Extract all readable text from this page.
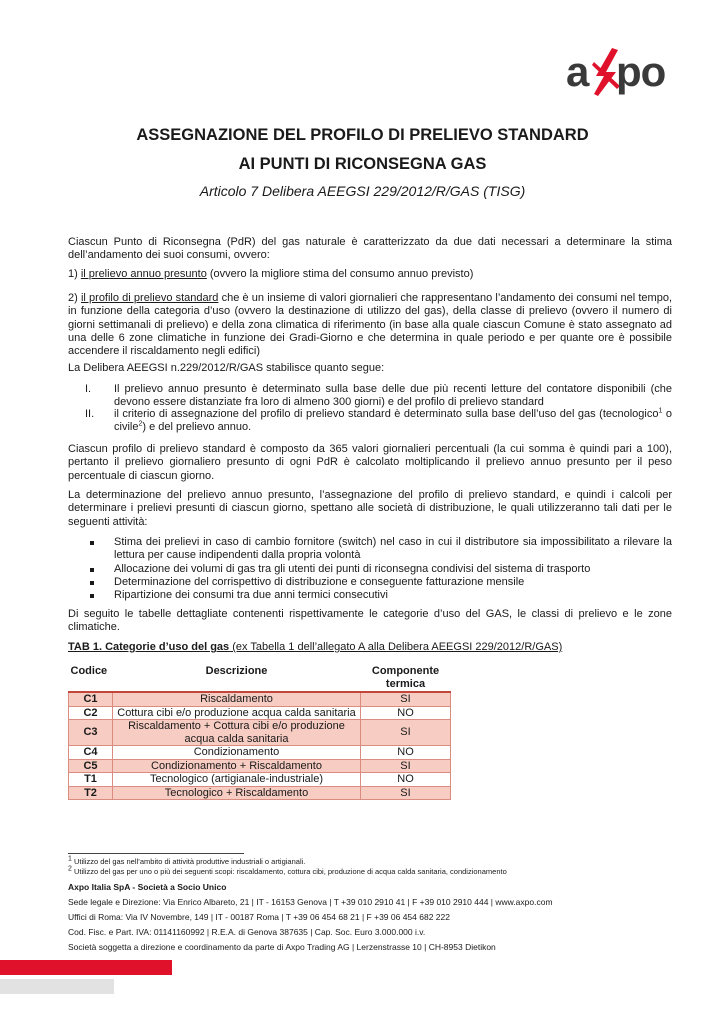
a po
ASSEGNAZIONE DEL PROFILO DI PRELIEVO STANDARD
AI PUNTI DI RICONSEGNA GAS
Articolo 7 Delibera AEEGSI 229/2012/R/GAS (TISG)

Ciascun Punto di Riconsegna (PdR) del gas naturale è caratterizzato da due dati necessari a determinare la stima dell’andamento dei suoi consumi, ovvero:

1) il prelievo annuo presunto (ovvero la migliore stima del consumo annuo previsto)

2) il profilo di prelievo standard che è un insieme di valori giornalieri che rappresentano l’andamento dei consumi nel tempo, in funzione della categoria d’uso (ovvero la destinazione di utilizzo del gas), della classe di prelievo (ovvero il numero di giorni settimanali di prelievo) e della zona climatica di riferimento (in base alla quale ciascun Comune è stato assegnato ad una delle 6 zone climatiche in funzione dei Gradi-Giorno e che determina in quale periodo e per quante ore è possibile accendere il riscaldamento negli edifici)

La Delibera AEEGSI n.229/2012/R/GAS stabilisce quanto segue:

I. Il prelievo annuo presunto è determinato sulla base delle due più recenti letture del contatore disponibili (che devono essere distanziate fra loro di almeno 300 giorni) e del profilo di prelievo standard
II. il criterio di assegnazione del profilo di prelievo standard è determinato sulla base dell’uso del gas (tecnologico$^1$ o civile$^2$) e del prelievo annuo.

Ciascun profilo di prelievo standard è composto da 365 valori giornalieri percentuali (la cui somma è quindi pari a 100), pertanto il prelievo giornaliero presunto di ogni PdR è calcolato moltiplicando il prelievo annuo presunto per il peso percentuale di ciascun giorno.

La determinazione del prelievo annuo presunto, l’assegnazione del profilo di prelievo standard, e quindi i calcoli per determinare i prelievi presunti di ciascun giorno, spettano alle società di distribuzione, le quali utilizzeranno tali dati per le seguenti attività:

Stima dei prelievi in caso di cambio fornitore (switch) nel caso in cui il distributore sia impossibilitato a rilevare la lettura per cause indipendenti dalla propria volontà
Allocazione dei volumi di gas tra gli utenti dei punti di riconsegna condivisi del sistema di trasporto
Determinazione del corrispettivo di distribuzione e conseguente fatturazione mensile
Ripartizione dei consumi tra due anni termici consecutivi

Di seguito le tabelle dettagliate contenenti rispettivamente le categorie d’uso del GAS, le classi di prelievo e le zone climatiche.

TAB 1. Categorie d’uso del gas (ex Tabella 1 dell’allegato A alla Delibera AEEGSI 229/2012/R/GAS)
Codice	Descrizione	Componente termica
C1	Riscaldamento	SI
C2	Cottura cibi e/o produzione acqua calda sanitaria	NO
C3	Riscaldamento + Cottura cibi e/o produzione acqua calda sanitaria	SI
C4	Condizionamento	NO
C5	Condizionamento + Riscaldamento	SI
T1	Tecnologico (artigianale-industriale)	NO
T2	Tecnologico + Riscaldamento	SI
$^1$ Utilizzo del gas nell’ambito di attività produttive industriali o artigianali.
$^2$ Utilizzo del gas per uno o più dei seguenti scopi: riscaldamento, cottura cibi, produzione di acqua calda sanitaria, condizionamento
Axpo Italia SpA - Società a Socio Unico
Sede legale e Direzione: Via Enrico Albareto, 21 | IT - 16153 Genova | T +39 010 2910 41 | F +39 010 2910 444 | www.axpo.com
Uffici di Roma: Via IV Novembre, 149 | IT - 00187 Roma | T +39 06 454 68 21 | F +39 06 454 682 222
Cod. Fisc. e Part. IVA: 01141160992 | R.E.A. di Genova 387635 | Cap. Soc. Euro 3.000.000 i.v.
Società soggetta a direzione e coordinamento da parte di Axpo Trading AG | Lerzenstrasse 10 | CH-8953 Dietikon
